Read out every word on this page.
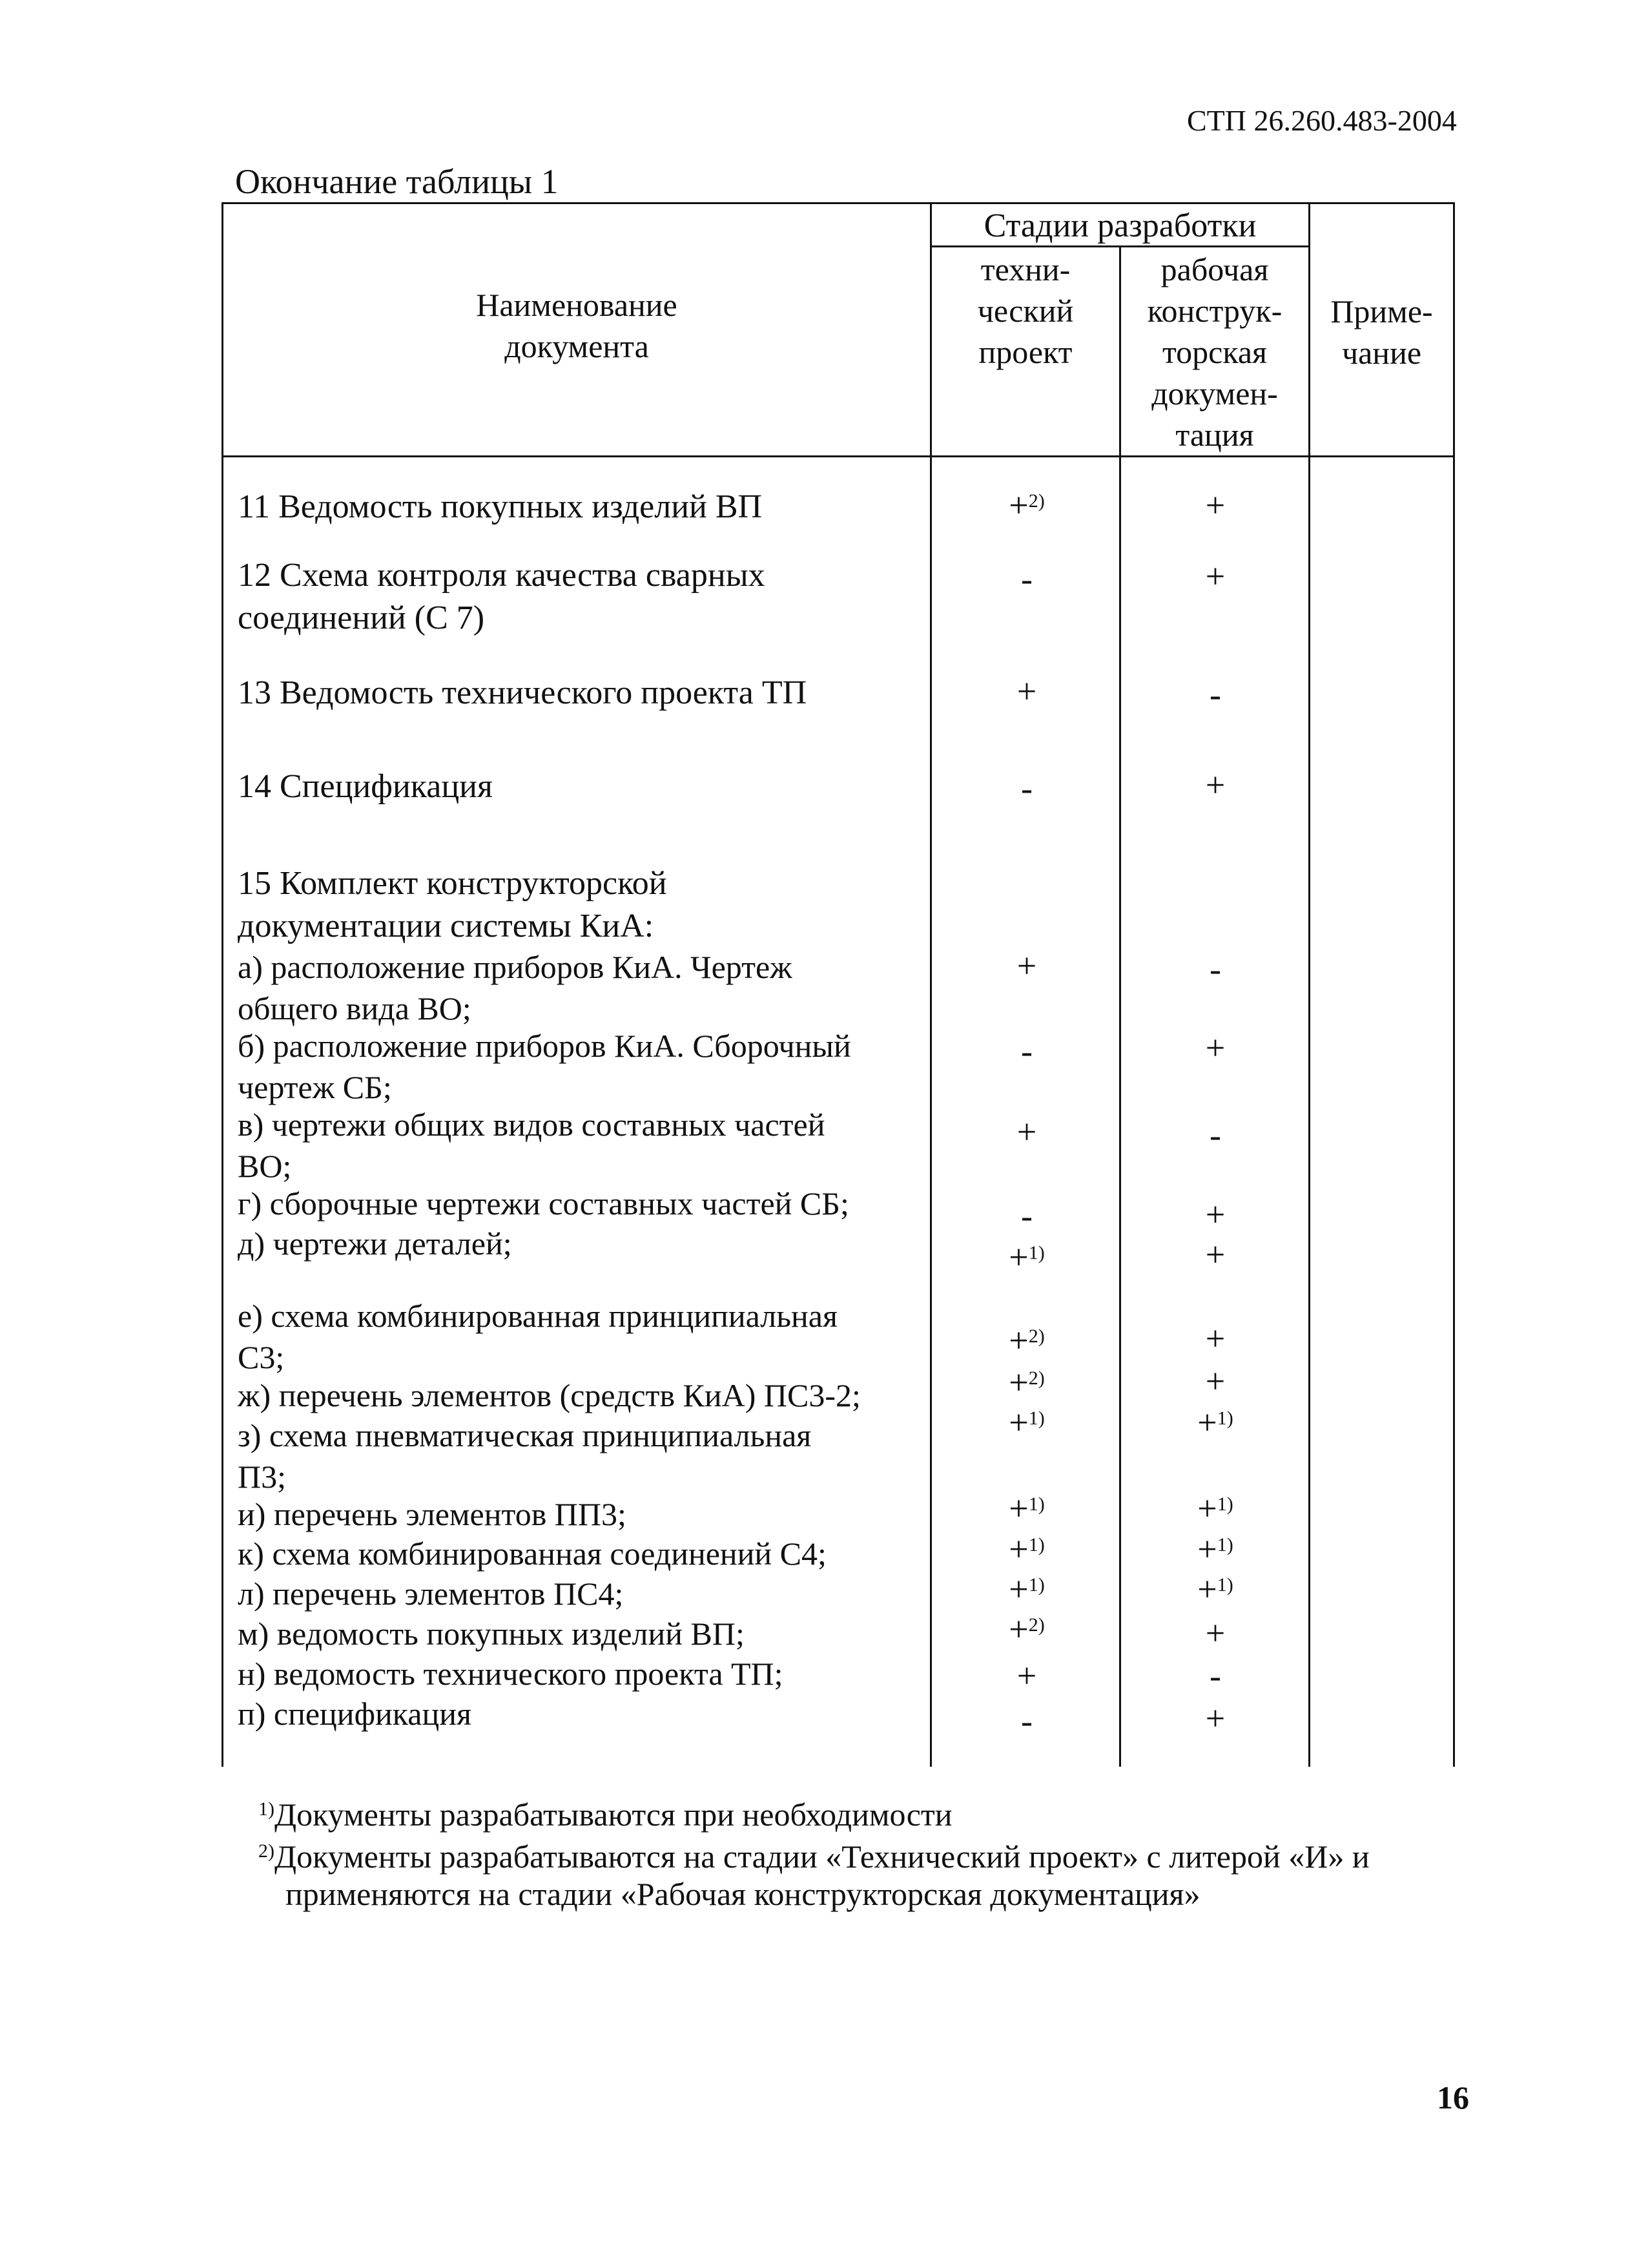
СТП 26.260.483-2004
Окончание таблицы 1
Наименование
документа
Стадии разработки
техни-
ческий
проект
рабочая
конструк-
торская
докумен-
тация
Приме-
чание
11 Ведомость покупных изделий ВП
12 Схема контроля качества сварных
соединений (С 7)
13 Ведомость технического проекта ТП
14 Спецификация
15 Комплект конструкторской
документации системы КиА:
а) расположение приборов КиА. Чертеж
общего вида ВО;
б) расположение приборов КиА. Сборочный
чертеж СБ;
в) чертежи общих видов составных частей
ВО;
г) сборочные чертежи составных частей СБ;
д) чертежи деталей;
е) схема комбинированная принципиальная
С3;
ж) перечень элементов (средств КиА) ПС3-2;
з) схема пневматическая принципиальная
П3;
и) перечень элементов ПП3;
к) схема комбинированная соединений С4;
л) перечень элементов ПС4;
м) ведомость покупных изделий ВП;
н) ведомость технического проекта ТП;
п) спецификация
+$^{2)}$
-
+
-
+
-
+
-
+$^{1)}$
+$^{2)}$
+$^{2)}$
+$^{1)}$
+$^{1)}$
+$^{1)}$
+$^{1)}$
+$^{2)}$
+
-
+
+
-
+
-
+
-
+
+
+
+
+$^{1)}$
+$^{1)}$
+$^{1)}$
+$^{1)}$
+
-
+
$^{1)}$Документы разрабатываются при необходимости
$^{2)}$Документы разрабатываются на стадии «Технический проект» с литерой «И» и
применяются на стадии «Рабочая конструкторская документация»
16
